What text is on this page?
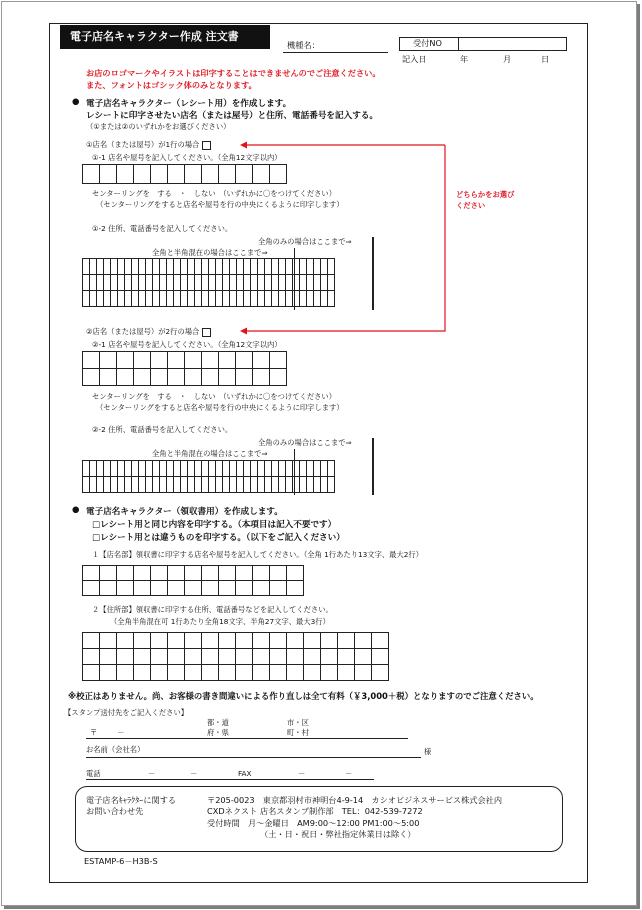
電子店名キャラクター作成 注文書
機種名：	受付NO
記入日	年	月	日
お店のロゴマークやイラストは印字することはできませんのでご注意ください。
また、フォントはゴシック体のみとなります。
● 電子店名キャラクター（レシート用）を作成します。
レシートに印字させたい店名（または屋号）と住所、電話番号を記入する。
（①または②のいずれかをお選びください）
①店名（または屋号）が1行の場合
①-1 店名や屋号を記入してください。（全角12文字以内）

センターリングを　する　・　しない　（いずれかに〇をつけてください）
（センターリングをすると店名や屋号を行の中央にくるように印字します）
①-2 住所、電話番号を記入してください。
全角のみの場合はここまで⇒
全角と半角混在の場合はここまで⇒

どちらかをお選び
ください
②店名（または屋号）が2行の場合
②-1 店名や屋号を記入してください。（全角12文字以内）

センターリングを　する　・　しない　（いずれかに〇をつけてください）
（センターリングをすると店名や屋号を行の中央にくるように印字します）
②-2 住所、電話番号を記入してください。
全角のみの場合はここまで⇒
全角と半角混在の場合はここまで⇒

● 電子店名キャラクター（領収書用）を作成します。
□レシート用と同じ内容を印字する。（本項目は記入不要です）
□レシート用とは違うものを印字する。（以下をご記入ください）
１【店名部】領収書に印字する店名や屋号を記入してください。（全角 1行あたり13文字、最大2行）

２【住所部】領収書に印字する住所、電話番号などを記入してください。
（全角半角混在可 1行あたり全角18文字、半角27文字、最大3行）

※校正はありません。尚、お客様の書き間違いによる作り直しは全て有料（￥3,000＋税）となりますのでご注意ください。
【スタンプ送付先をご記入ください】
〒	－
都・道
府・県
市・区
町・村
お名前（会社名）	様
電話	－	－	FAX	－	－
電子店名ｷｬﾗｸﾀｰに関する
お問い合わせ先
〒205-0023　東京都羽村市神明台4-9-14　カシオビジネスサービス株式会社内
CXDネクスト 店名スタンプ制作部　TEL：042-539-7272
受付時間　月～金曜日　AM9:00～12:00 PM1:00～5:00
（土・日・祝日・弊社指定休業日は除く）
ESTAMP-6－H3B-S
